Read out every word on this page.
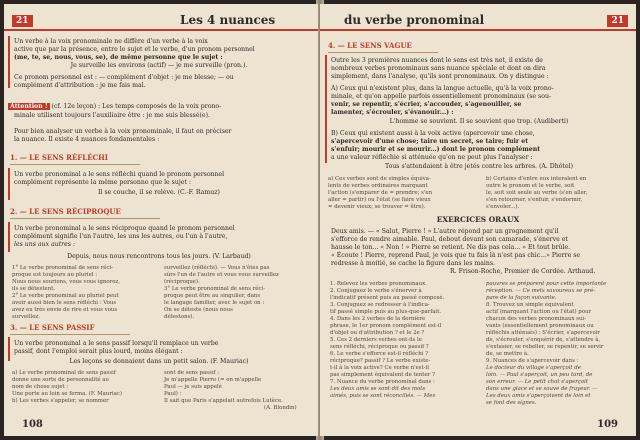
21	Les 4 nuances
Un verbe à la voix pronominale ne diffère d'un verbe à la voix
active que par la présence, entre le sujet et le verbe, d'un pronom personnel
(me, te, se, nous, vous, se), de même personne que le sujet :
Je surveille les environs (actif) — je me surveille (pron.).
Ce pronom personnel est : — complément d'objet : je me blesse; — ou
complément d'attribution : je me fais mal.
Attention ! (cf. 12e leçon) : Les temps composés de la voix prono-
minale utilisent toujours l'auxiliaire être : je me suis blessé(e).
Pour bien analyser un verbe à la voix pronominale, il faut en préciser
la nuance. Il existe 4 nuances fondamentales :
1. — LE SENS RÉFLÉCHI
Un verbe pronominal a le sens réfléchi quand le pronom personnel
complément représente la même personne que le sujet :
Il se couche, il se relève. (C.-F. Ramuz)
2. — LE SENS RÉCIPROQUE
Un verbe pronominal a le sens réciproque quand le pronom personnel
complément signifie l'un l'autre, les uns les autres, ou l'un à l'autre,
les uns aux autres :
Depuis, nous nous rencontrons tous les jours. (V. Larbaud)
1° Le verbe pronominal de sens réci-
proque est toujours au pluriel :
Nous nous sourions, vous vous ignorez,
ils se détestent.
2° Le verbe pronominal au pluriel peut
avoir aussi bien le sens réfléchi : Vous
avez eu très envie de rire et vous vous
surveillez.
surveillez (réfléchi). — Vous n'êtes pas
sûrs l'un de l'autre et vous vous surveillez
(réciproque).
3° Le verbe pronominal de sens réci-
proque peut être au singulier, dans
le langage familier, avec le sujet on :
On se déteste (nous nous
détestons).
3. — LE SENS PASSIF
Un verbe pronominal a le sens passif lorsqu'il remplace un verbe
passif, dont l'emploi serait plus lourd, moins élégant :
Les leçons se donnaient dans un petit salon. (F. Mauriac)
a) Le verbe pronominal de sens passif
donne une sorte de personnalité au
nom de chose sujet :
Une porte au loin se ferma. (F. Mauriac)
b) Les verbes s'appeler, se nommer
sont de sens passif :
Je m'appelle Pierre (= on m'appelle
Paul — je suis appelé
Paul) :
Il sait que Paris s'appelait autrefois Lutèce.
(A. Blondin)
108
du verbe pronominal	21
4. — LE SENS VAGUE
Outre les 3 premières nuances dont le sens est très net, il existe de
nombreux verbes pronominaux sans nuance spéciale et dont on dira
simplement, dans l'analyse, qu'ils sont pronominaux. On y distingue :
A) Ceux qui n'existent plus, dans la langue actuelle, qu'à la voix prono-
minale, et qu'on appelle parfois essentiellement pronominaux (se sou-
venir, se repentir, s'écrier, s'accouder, s'agenouiller, se
lamenter, s'écrouler, s'évanouir...) :
L'homme se souvient. Il se souvient que trop. (Audiberti)
B) Ceux qui existent aussi à la voix active (apercevoir une chose,
s'apercevoir d'une chose; taire un secret, se taire; fuir et
s'enfuir; mourir et se mourir...) dont le pronom complément
a une valeur réfléchie si atténuée qu'on ne peut plus l'analyser :
Tous s'attendaient à être jetés contre les arbres. (A. Dhôtel)
a) Ces verbes sont de simples équiva-
lents de verbes ordinaires marquant
l'action (s'emparer de = prendre; s'en
aller = partir) ou l'état (se faire vieux
= devenir vieux; se trouver = être).
b) Certains d'entre eux interalent en
outre le pronom et le verbe, soit
le, soit soit seule au verbe (s'en aller,
s'en retourner, s'enfuir, s'endormir,
s'envoler...).
EXERCICES ORAUX
Deux amis. — « Salut, Pierre ! » L'autre répond par un grognement qu'il
s'efforce de rendre aimable. Paul, debout devant son camarade, s'énerve et
hausse le ton... « Non ! » Pierre se retient. Ne dis pas cela... » Et tout brûle.
« Écoute ! Pierre, reprend Paul, je vois que tu fais là n'est pas chic...» Pierre se
redresse à moitié, se cache la figure dans les mains.
R. Frison-Roche, Premier de Cordée. Arthaud.
1. Relevez les verbes pronominaux.
2. Conjuguez le verbe s'énerver à
l'indicatif présent puis au passé composé.
3. Conjuguez se redresser à l'indica-
tif passé simple puis au plus-que-parfait.
4. Dans les 2 verbes de la dernière
phrase, le 1er pronom complément est-il
d'objet ou d'attribution ? et le 2e ?
5. Ces 2 derniers verbes ont-ils le
sens réfléchi, réciproque ou passif ?
6. Le verbe s'efforce est-il réfléchi ?
réciproque? passif ? Le verbe existe-
t-il à la voix active? Ce verbe n'est-il
pas simplement équivalent de tenter ?
7. Nuance du verbe pronominal dans :
Les deux amis se sont dit des mots
aimés, puis se sont réconciliés. — Mes
pauvres se préparent pour cette importante
réception. — Ce mets savoureux se pré-
pare de la façon suivante.
8. Trouvez un simple équivalent
actif (marquant l'action ou l'état) pour
chacun des verbes pronominaux sui-
vants (essentiellement pronominaux ou
réfléchis atténués) : S'écrier, s'apercevoir
de, s'écrouler, s'enquérir de, s'attendre à,
s'extasier, se rebeller, se repentir, se servir
de, se mettre à.
9. Nuances de s'apercevoir dans :
Le docteur du village s'aperçoit de
loin. — Paul s'aperçoit, un peu tard, de
son erreur. — Le petit chat s'aperçoit
dans une glace et se sauve de frayeur. —
Les deux amis s'aperçoivent de loin et
se font des signes.
109
